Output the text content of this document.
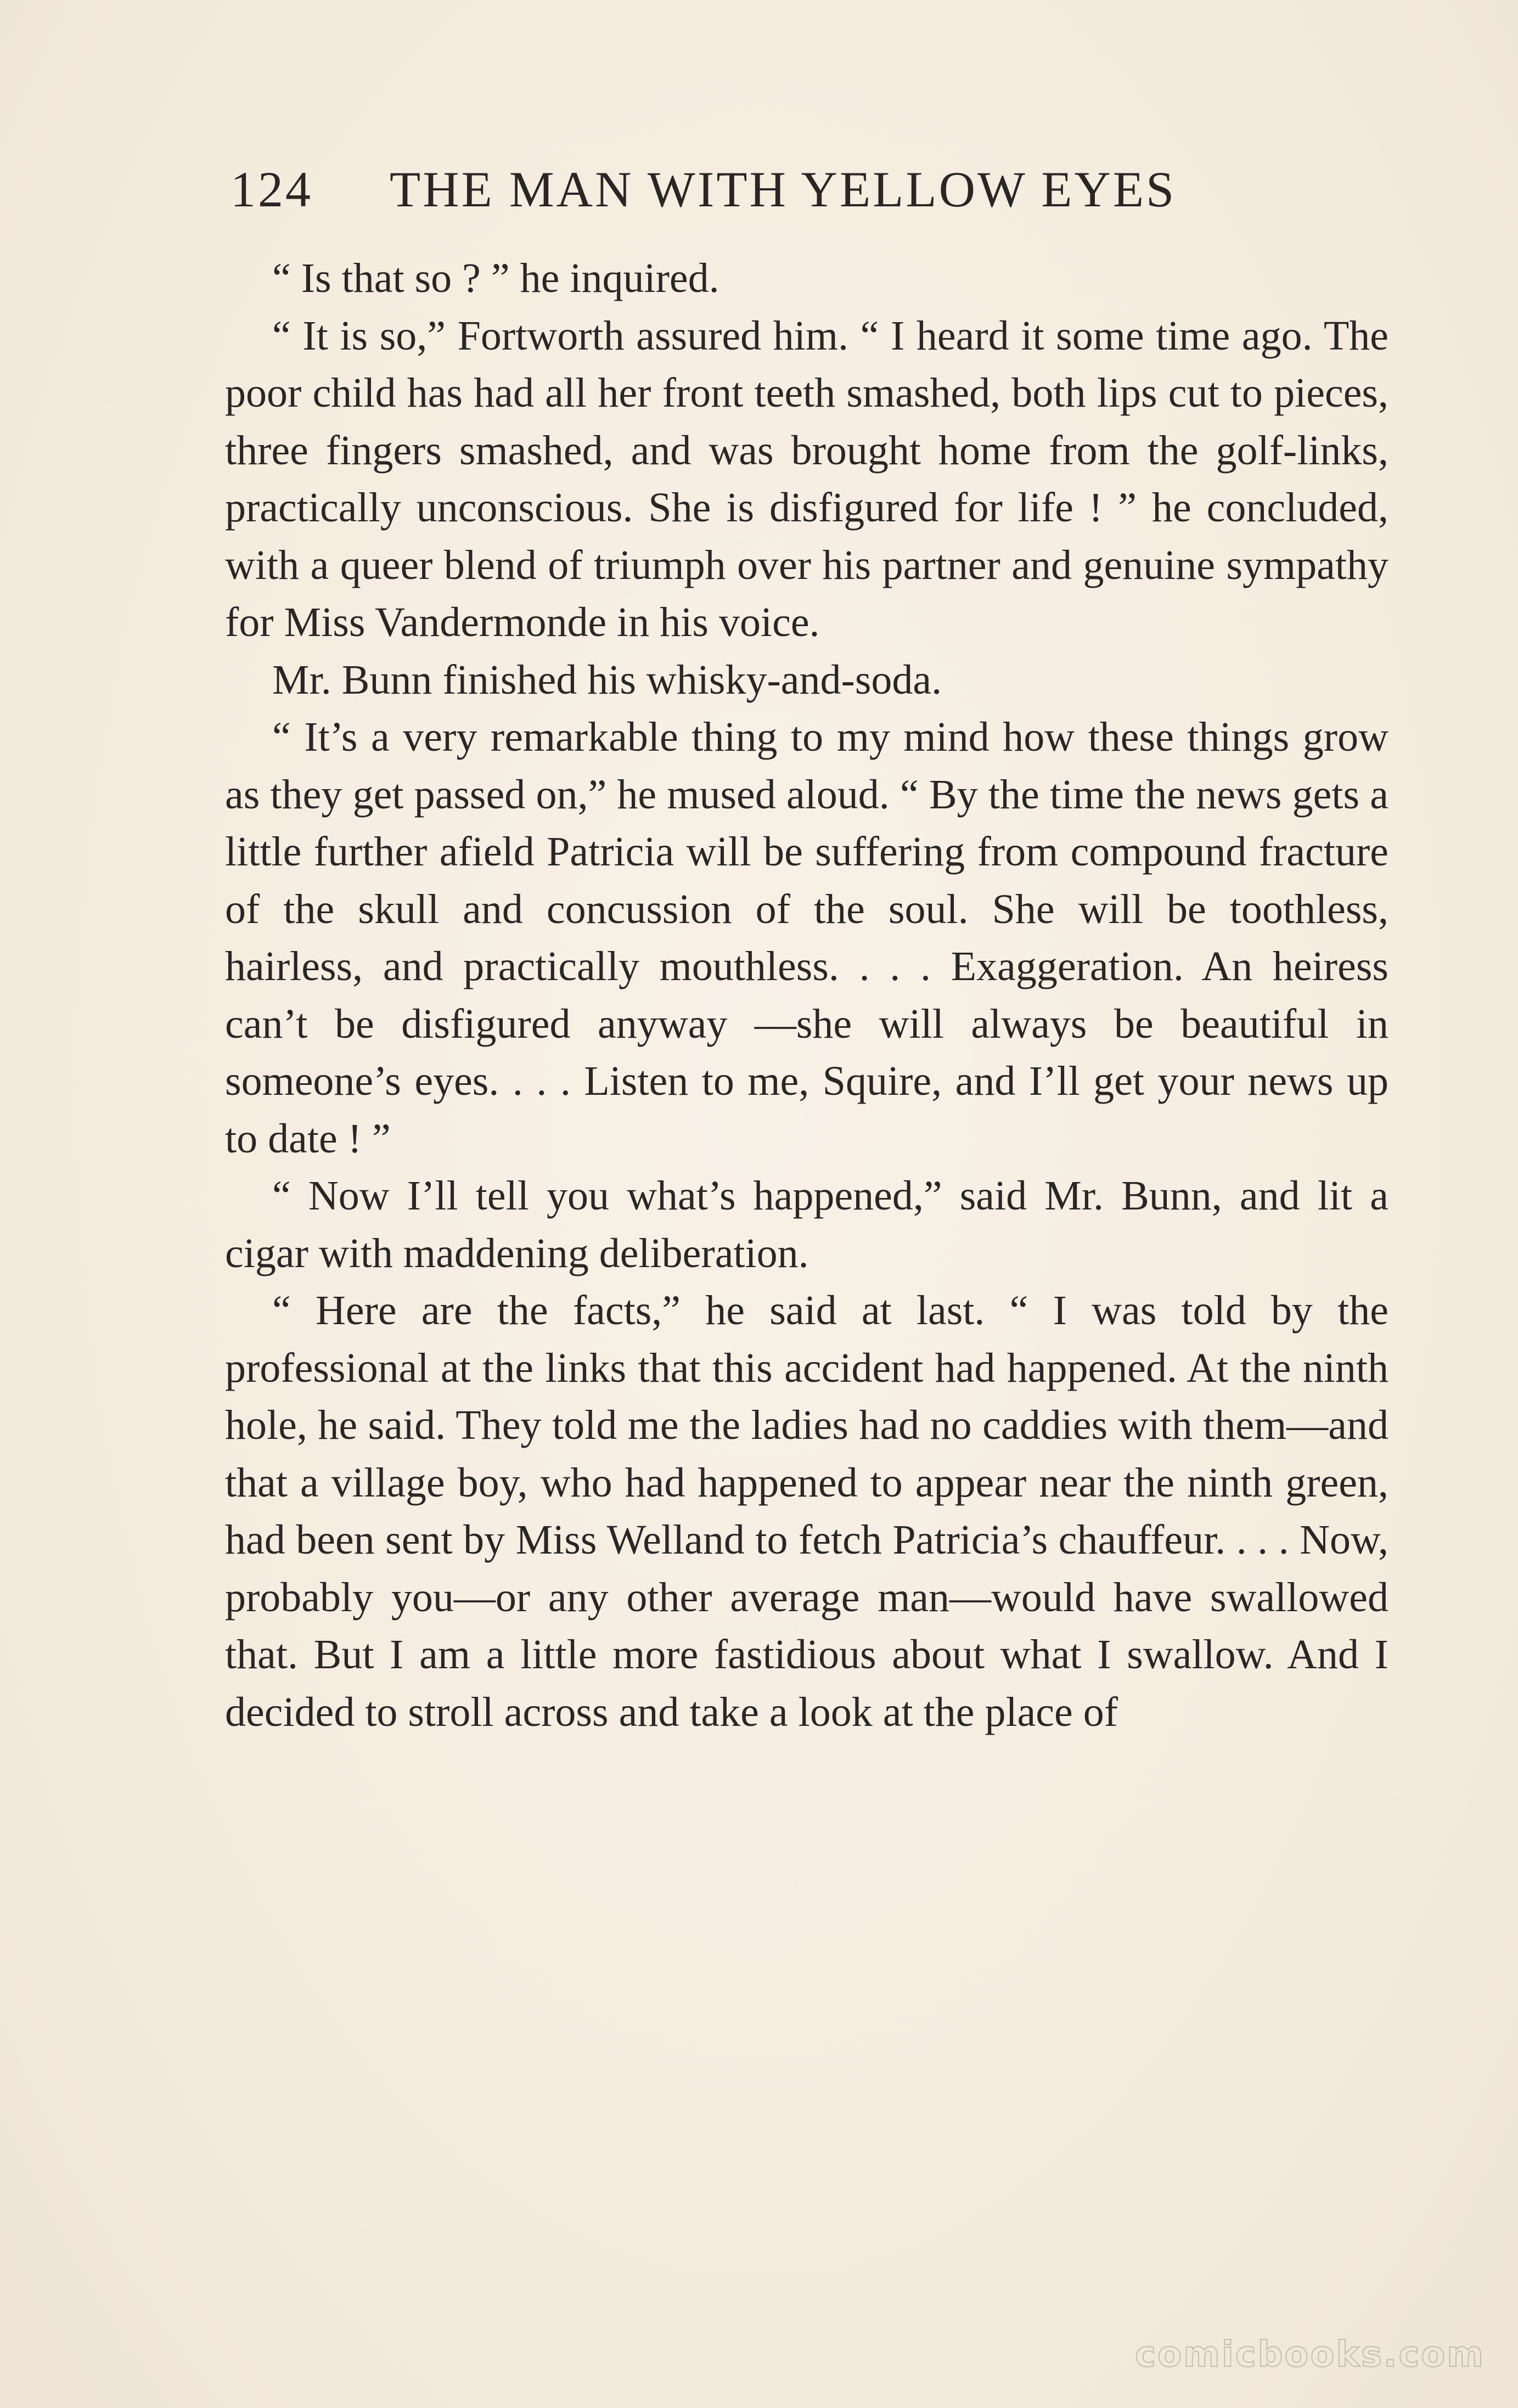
124 THE MAN WITH YELLOW EYES

“ Is that so ? ” he inquired.

“ It is so,” Fortworth assured him. “ I heard it some time ago. The poor child has had all her front teeth smashed, both lips cut to pieces, three fingers smashed, and was brought home from the golf-links, practically unconscious. She is disfigured for life ! ” he concluded, with a queer blend of triumph over his partner and genuine sympathy for Miss Vandermonde in his voice.

Mr. Bunn finished his whisky-and-soda.

“ It’s a very remarkable thing to my mind how these things grow as they get passed on,” he mused aloud. “ By the time the news gets a little further afield Patricia will be suffering from compound fracture of the skull and concussion of the soul. She will be toothless, hairless, and practically mouthless. . . . Exaggeration. An heiress can’t be disfigured anyway —she will always be beautiful in someone’s eyes. . . . Listen to me, Squire, and I’ll get your news up to date ! ”

“ Now I’ll tell you what’s happened,” said Mr. Bunn, and lit a cigar with maddening deliberation.

“ Here are the facts,” he said at last. “ I was told by the professional at the links that this accident had happened. At the ninth hole, he said. They told me the ladies had no caddies with them—and that a village boy, who had happened to appear near the ninth green, had been sent by Miss Welland to fetch Patricia’s chauffeur. . . . Now, probably you—or any other average man—would have swallowed that. But I am a little more fastidious about what I swallow. And I decided to stroll across and take a look at the place of

comicbooks.com
